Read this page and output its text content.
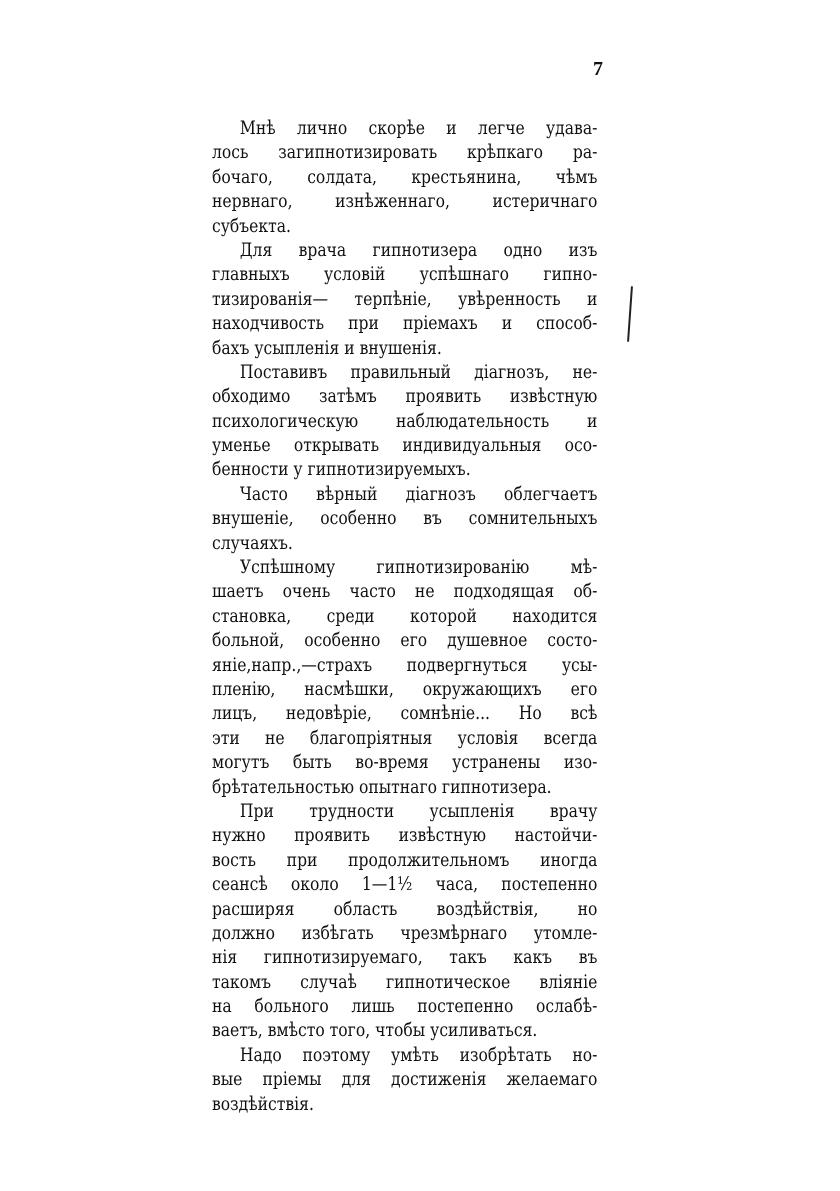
7
Мнѣ лично скорѣе и легче удава-
лось загипнотизировать крѣпкаго ра-
бочаго, солдата, крестьянина, чѣмъ
нервнаго, изнѣженнаго, истеричнаго
субъекта.
Для врача гипнотизера одно изъ
главныхъ условій успѣшнаго гипно-
тизированія— терпѣніе, увѣренность и
находчивость при пріемахъ и способ-
бахъ усыпленія и внушенія.
Поставивъ правильный діагнозъ, не-
обходимо затѣмъ проявить извѣстную
психологическую наблюдательность и
уменье открывать индивидуальныя осо-
бенности у гипнотизируемыхъ.
Часто вѣрный діагнозъ облегчаетъ
внушеніе, особенно въ сомнительныхъ
случаяхъ.
Успѣшному гипнотизированію мѣ-
шаетъ очень часто не подходящая об-
становка, среди которой находится
больной, особенно его душевное состо-
яніе,напр.,—страхъ подвергнуться усы-
пленію, насмѣшки, окружающихъ его
лицъ, недовѣріе, сомнѣніе... Но всѣ
эти не благопріятныя условія всегда
могутъ быть во-время устранены изо-
брѣтательностью опытнаго гипнотизера.
При трудности усыпленія врачу
нужно проявить извѣстную настойчи-
вость при продолжительномъ иногда
сеансѣ около 1—1½ часа, постепенно
расширяя область воздѣйствія, но
должно избѣгать чрезмѣрнаго утомле-
нія гипнотизируемаго, такъ какъ въ
такомъ случаѣ гипнотическое вліяніе
на больного лишь постепенно ослабѣ-
ваетъ, вмѣсто того, чтобы усиливаться.
Надо поэтому умѣть изобрѣтать но-
вые пріемы для достиженія желаемаго
воздѣйствія.
